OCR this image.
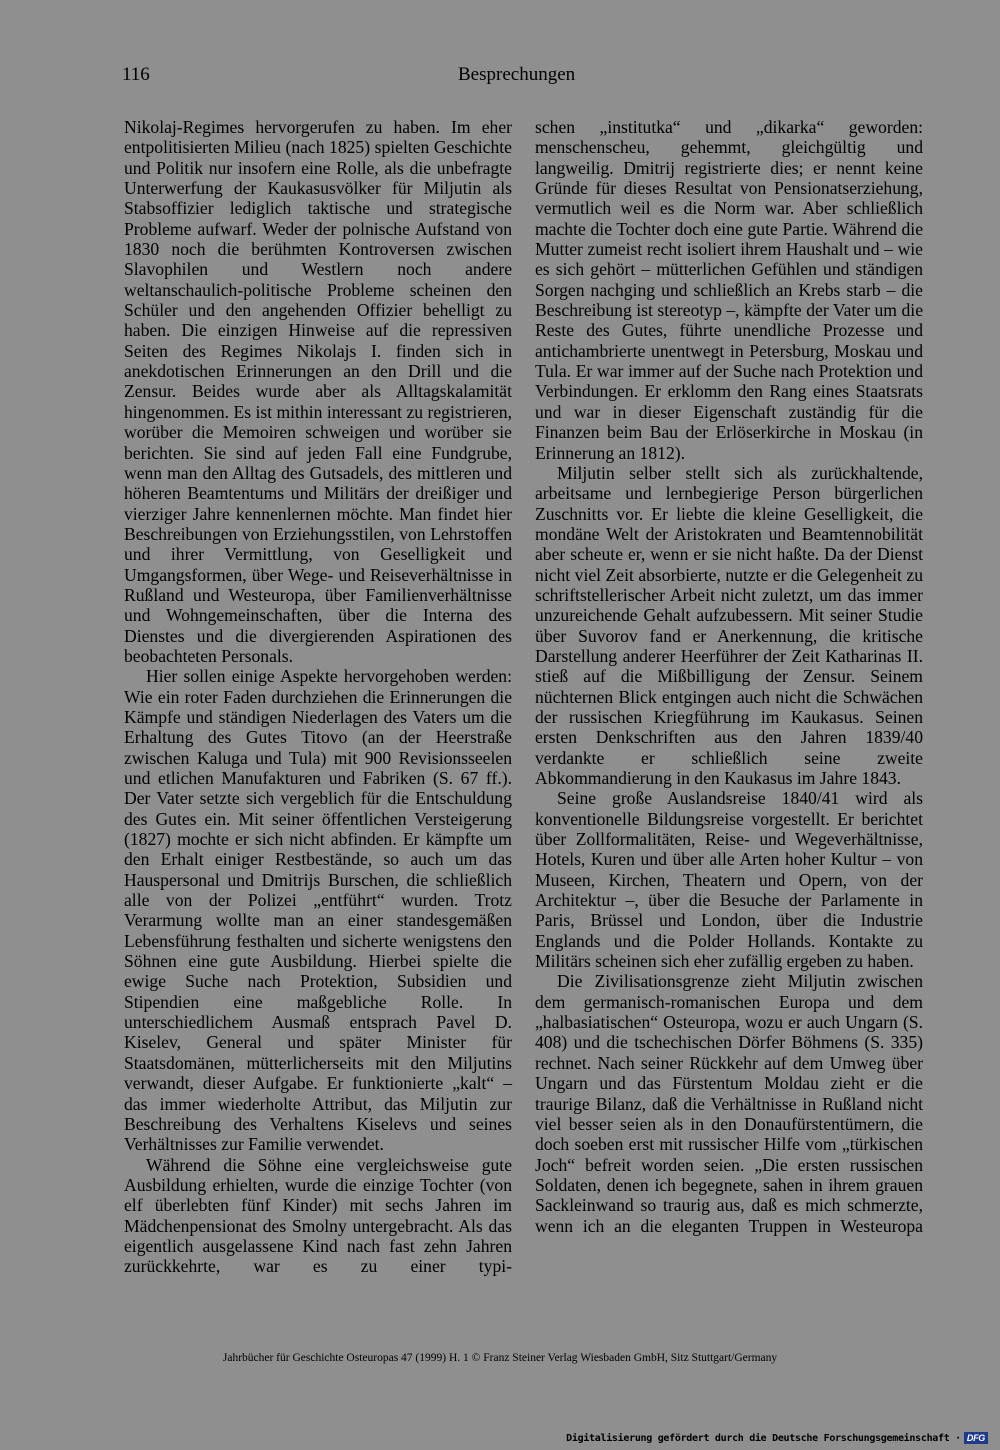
116	Besprechungen

Nikolaj-Regimes hervorgerufen zu haben. Im eher entpolitisierten Milieu (nach 1825) spielten Geschichte und Politik nur insofern eine Rolle, als die unbefragte Unterwerfung der Kaukasusvölker für Miljutin als Stabsoffizier lediglich taktische und strategische Probleme aufwarf. Weder der polnische Aufstand von 1830 noch die berühmten Kontroversen zwischen Slavophilen und Westlern noch andere weltanschaulich-politische Probleme scheinen den Schüler und den angehenden Offizier behelligt zu haben. Die einzigen Hinweise auf die repressiven Seiten des Regimes Nikolajs I. finden sich in anekdotischen Erinnerungen an den Drill und die Zensur. Beides wurde aber als Alltagskalamität hingenommen. Es ist mithin interessant zu registrieren, worüber die Memoiren schweigen und worüber sie berichten. Sie sind auf jeden Fall eine Fundgrube, wenn man den Alltag des Gutsadels, des mittleren und höheren Beamtentums und Militärs der dreißiger und vierziger Jahre kennenlernen möchte. Man findet hier Beschreibungen von Erziehungsstilen, von Lehrstoffen und ihrer Vermittlung, von Geselligkeit und Umgangsformen, über Wege- und Reiseverhältnisse in Rußland und Westeuropa, über Familienverhältnisse und Wohngemeinschaften, über die Interna des Dienstes und die divergierenden Aspirationen des beobachteten Personals.

Hier sollen einige Aspekte hervorgehoben werden: Wie ein roter Faden durchziehen die Erinnerungen die Kämpfe und ständigen Niederlagen des Vaters um die Erhaltung des Gutes Titovo (an der Heerstraße zwischen Kaluga und Tula) mit 900 Revisionsseelen und etlichen Manufakturen und Fabriken (S. 67 ff.). Der Vater setzte sich vergeblich für die Entschuldung des Gutes ein. Mit seiner öffentlichen Versteigerung (1827) mochte er sich nicht abfinden. Er kämpfte um den Erhalt einiger Restbestände, so auch um das Hauspersonal und Dmitrijs Burschen, die schließlich alle von der Polizei „entführt“ wurden. Trotz Verarmung wollte man an einer standesgemäßen Lebensführung festhalten und sicherte wenigstens den Söhnen eine gute Ausbildung. Hierbei spielte die ewige Suche nach Protektion, Subsidien und Stipendien eine maßgebliche Rolle. In unterschiedlichem Ausmaß entsprach Pavel D. Kiselev, General und später Minister für Staatsdomänen, mütterlicherseits mit den Miljutins verwandt, dieser Aufgabe. Er funktionierte „kalt“ – das immer wiederholte Attribut, das Miljutin zur Beschreibung des Verhaltens Kiselevs und seines Verhältnisses zur Familie verwendet.

Während die Söhne eine vergleichsweise gute Ausbildung erhielten, wurde die einzige Tochter (von elf überlebten fünf Kinder) mit sechs Jahren im Mädchenpensionat des Smolny untergebracht. Als das eigentlich ausgelassene Kind nach fast zehn Jahren zurückkehrte, war es zu einer typi-

schen „institutka“ und „dikarka“ geworden: menschenscheu, gehemmt, gleichgültig und langweilig. Dmitrij registrierte dies; er nennt keine Gründe für dieses Resultat von Pensionatserziehung, vermutlich weil es die Norm war. Aber schließlich machte die Tochter doch eine gute Partie. Während die Mutter zumeist recht isoliert ihrem Haushalt und – wie es sich gehört – mütterlichen Gefühlen und ständigen Sorgen nachging und schließlich an Krebs starb – die Beschreibung ist stereotyp –, kämpfte der Vater um die Reste des Gutes, führte unendliche Prozesse und antichambrierte unentwegt in Petersburg, Moskau und Tula. Er war immer auf der Suche nach Protektion und Verbindungen. Er erklomm den Rang eines Staatsrats und war in dieser Eigenschaft zuständig für die Finanzen beim Bau der Erlöserkirche in Moskau (in Erinnerung an 1812).

Miljutin selber stellt sich als zurückhaltende, arbeitsame und lernbegierige Person bürgerlichen Zuschnitts vor. Er liebte die kleine Geselligkeit, die mondäne Welt der Aristokraten und Beamtennobilität aber scheute er, wenn er sie nicht haßte. Da der Dienst nicht viel Zeit absorbierte, nutzte er die Gelegenheit zu schriftstellerischer Arbeit nicht zuletzt, um das immer unzureichende Gehalt aufzubessern. Mit seiner Studie über Suvorov fand er Anerkennung, die kritische Darstellung anderer Heerführer der Zeit Katharinas II. stieß auf die Mißbilligung der Zensur. Seinem nüchternen Blick entgingen auch nicht die Schwächen der russischen Kriegführung im Kaukasus. Seinen ersten Denkschriften aus den Jahren 1839/40 verdankte er schließlich seine zweite Abkommandierung in den Kaukasus im Jahre 1843.

Seine große Auslandsreise 1840/41 wird als konventionelle Bildungsreise vorgestellt. Er berichtet über Zollformalitäten, Reise- und Wegeverhältnisse, Hotels, Kuren und über alle Arten hoher Kultur – von Museen, Kirchen, Theatern und Opern, von der Architektur –, über die Besuche der Parlamente in Paris, Brüssel und London, über die Industrie Englands und die Polder Hollands. Kontakte zu Militärs scheinen sich eher zufällig ergeben zu haben.

Die Zivilisationsgrenze zieht Miljutin zwischen dem germanisch-romanischen Europa und dem „halbasiatischen“ Osteuropa, wozu er auch Ungarn (S. 408) und die tschechischen Dörfer Böhmens (S. 335) rechnet. Nach seiner Rückkehr auf dem Umweg über Ungarn und das Fürstentum Moldau zieht er die traurige Bilanz, daß die Verhältnisse in Rußland nicht viel besser seien als in den Donaufürstentümern, die doch soeben erst mit russischer Hilfe vom „türkischen Joch“ befreit worden seien. „Die ersten russischen Soldaten, denen ich begegnete, sahen in ihrem grauen Sackleinwand so traurig aus, daß es mich schmerzte, wenn ich an die eleganten Truppen in Westeuropa

Jahrbücher für Geschichte Osteuropas 47 (1999) H. 1 © Franz Steiner Verlag Wiesbaden GmbH, Sitz Stuttgart/Germany
Digitalisierung gefördert durch die Deutsche Forschungsgemeinschaft · DFG
